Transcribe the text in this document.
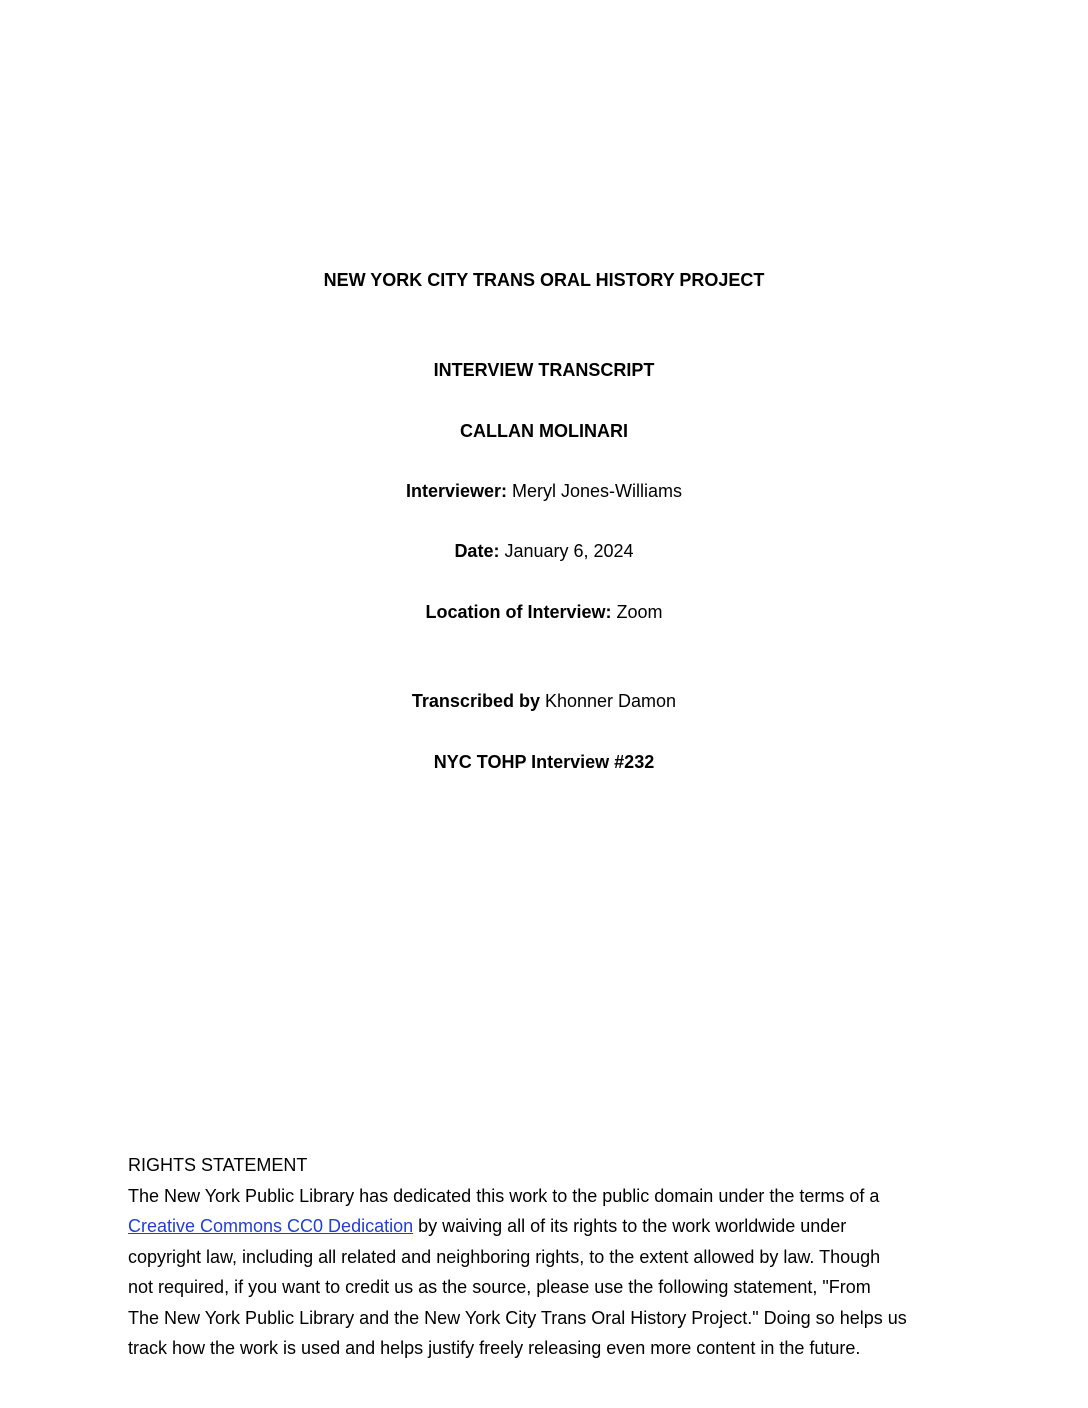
NEW YORK CITY TRANS ORAL HISTORY PROJECT
INTERVIEW TRANSCRIPT
CALLAN MOLINARI
Interviewer: Meryl Jones-Williams
Date: January 6, 2024
Location of Interview: Zoom
Transcribed by Khonner Damon
NYC TOHP Interview #232
RIGHTS STATEMENT
The New York Public Library has dedicated this work to the public domain under the terms of a
Creative Commons CC0 Dedication by waiving all of its rights to the work worldwide under
copyright law, including all related and neighboring rights, to the extent allowed by law. Though
not required, if you want to credit us as the source, please use the following statement, "From
The New York Public Library and the New York City Trans Oral History Project." Doing so helps us
track how the work is used and helps justify freely releasing even more content in the future.
